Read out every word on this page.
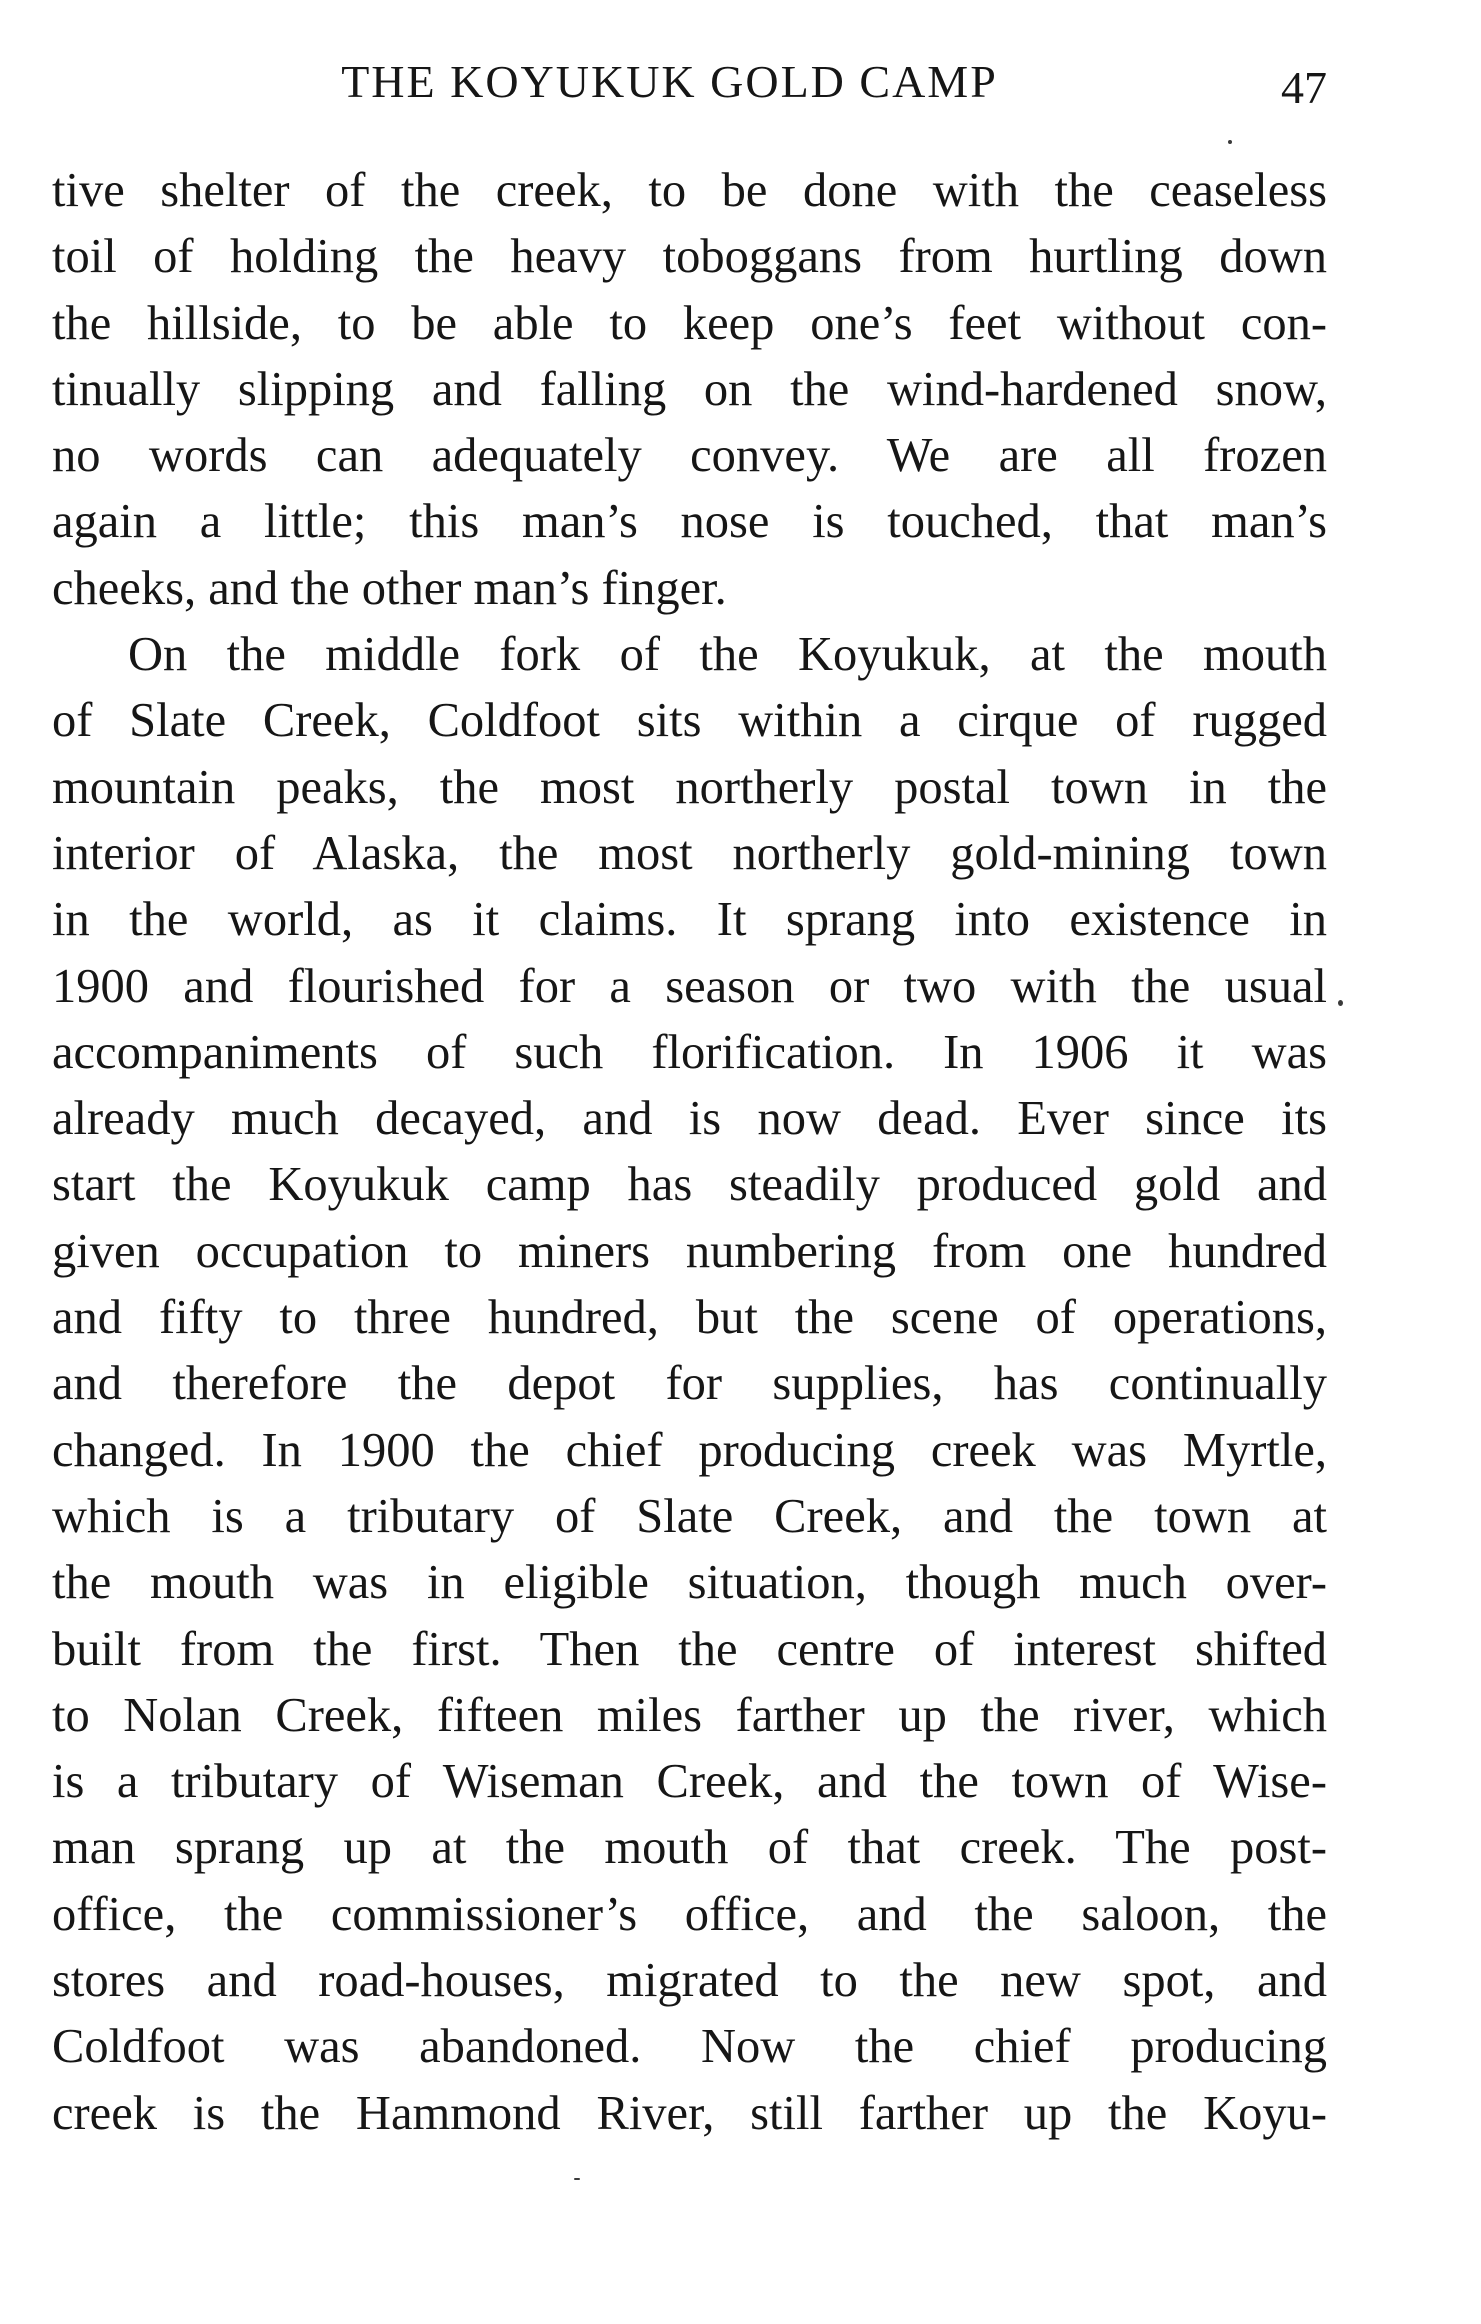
THE KOYUKUK GOLD CAMP	47
tive shelter of the creek, to be done with the ceaseless
toil of holding the heavy toboggans from hurtling down
the hillside, to be able to keep one’s feet without con-
tinually slipping and falling on the wind-hardened snow,
no words can adequately convey. We are all frozen
again a little; this man’s nose is touched, that man’s
cheeks, and the other man’s finger.
On the middle fork of the Koyukuk, at the mouth
of Slate Creek, Coldfoot sits within a cirque of rugged
mountain peaks, the most northerly postal town in the
interior of Alaska, the most northerly gold-mining town
in the world, as it claims. It sprang into existence in
1900 and flourished for a season or two with the usual
accompaniments of such florification. In 1906 it was
already much decayed, and is now dead. Ever since its
start the Koyukuk camp has steadily produced gold and
given occupation to miners numbering from one hundred
and fifty to three hundred, but the scene of operations,
and therefore the depot for supplies, has continually
changed. In 1900 the chief producing creek was Myrtle,
which is a tributary of Slate Creek, and the town at
the mouth was in eligible situation, though much over-
built from the first. Then the centre of interest shifted
to Nolan Creek, fifteen miles farther up the river, which
is a tributary of Wiseman Creek, and the town of Wise-
man sprang up at the mouth of that creek. The post-
office, the commissioner’s office, and the saloon, the
stores and road-houses, migrated to the new spot, and
Coldfoot was abandoned. Now the chief producing
creek is the Hammond River, still farther up the Koyu-
